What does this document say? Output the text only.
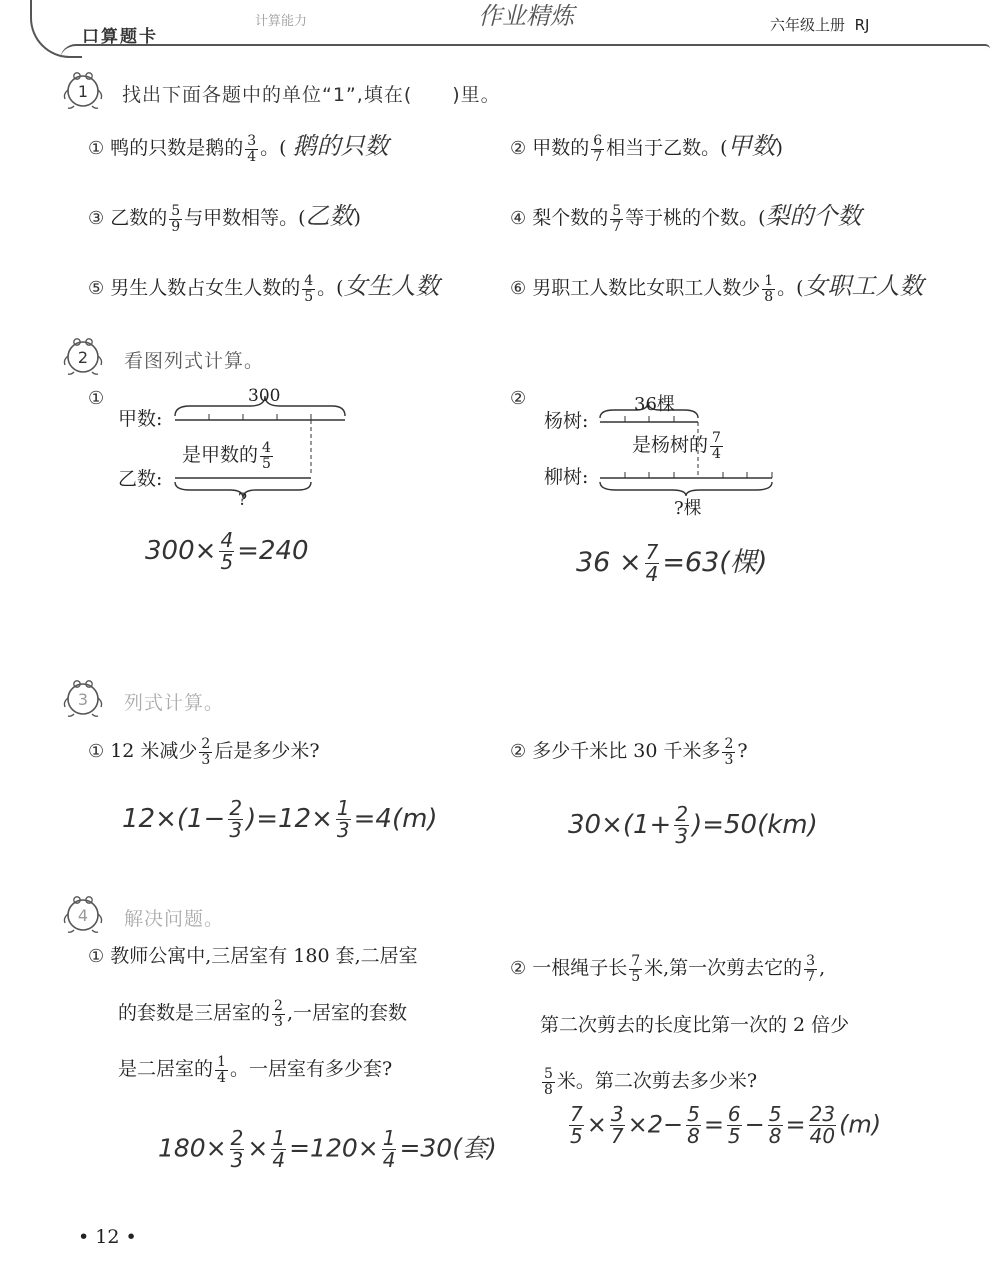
口算题卡
计算能力	作业精炼	六年级上册 RJ
1 找出下面各题中的单位“1”,填在(　　)里。
① 鸭的只数是鹅的 $\frac{3}{4}$ 。( 鹅的只数	② 甲数的 $\frac{6}{7}$ 相当于乙数。(甲数)
③ 乙数的 $\frac{5}{9}$ 与甲数相等。(乙数)	④ 梨个数的 $\frac{5}{7}$ 等于桃的个数。(梨的个数
⑤ 男生人数占女生人数的 $\frac{4}{5}$ 。(女生人数	⑥ 男职工人数比女职工人数少 $\frac{1}{8}$ 。(女职工人数
2 看图列式计算。
①
甲数:
乙数:
300
是甲数的 $\frac{4}{5}$
?
$300\times \frac{4}{5} =240$
②
杨树:
柳树:
36棵
是杨树的 $\frac{7}{4}$
?棵
$36 \times \frac{7}{4} =63$(棵)
3 列式计算。
① 12 米减少 $\frac{2}{3}$ 后是多少米?	② 多少千米比 30 千米多 $\frac{2}{3}$ ?
$12\times(1- \frac{2}{3} )=12\times \frac{1}{3} =4(m)$	$30\times(1+ \frac{2}{3} )=50(km)$
4 解决问题。
① 教师公寓中,三居室有 180 套,二居室
的套数是三居室的 $\frac{2}{3}$ ,一居室的套数
是二居室的 $\frac{1}{4}$ 。一居室有多少套?
$180\times \frac{2}{3} \times \frac{1}{4} =120\times \frac{1}{4} =30$(套)
② 一根绳子长 $\frac{7}{5}$ 米,第一次剪去它的 $\frac{3}{7}$ ,
第二次剪去的长度比第一次的 2 倍少
$\frac{5}{8}$ 米。第二次剪去多少米?
$\frac{7}{5} \times \frac{3}{7} \times 2- \frac{5}{8} = \frac{6}{5} - \frac{5}{8} = \frac{23}{40} (m)$
• 12 •
